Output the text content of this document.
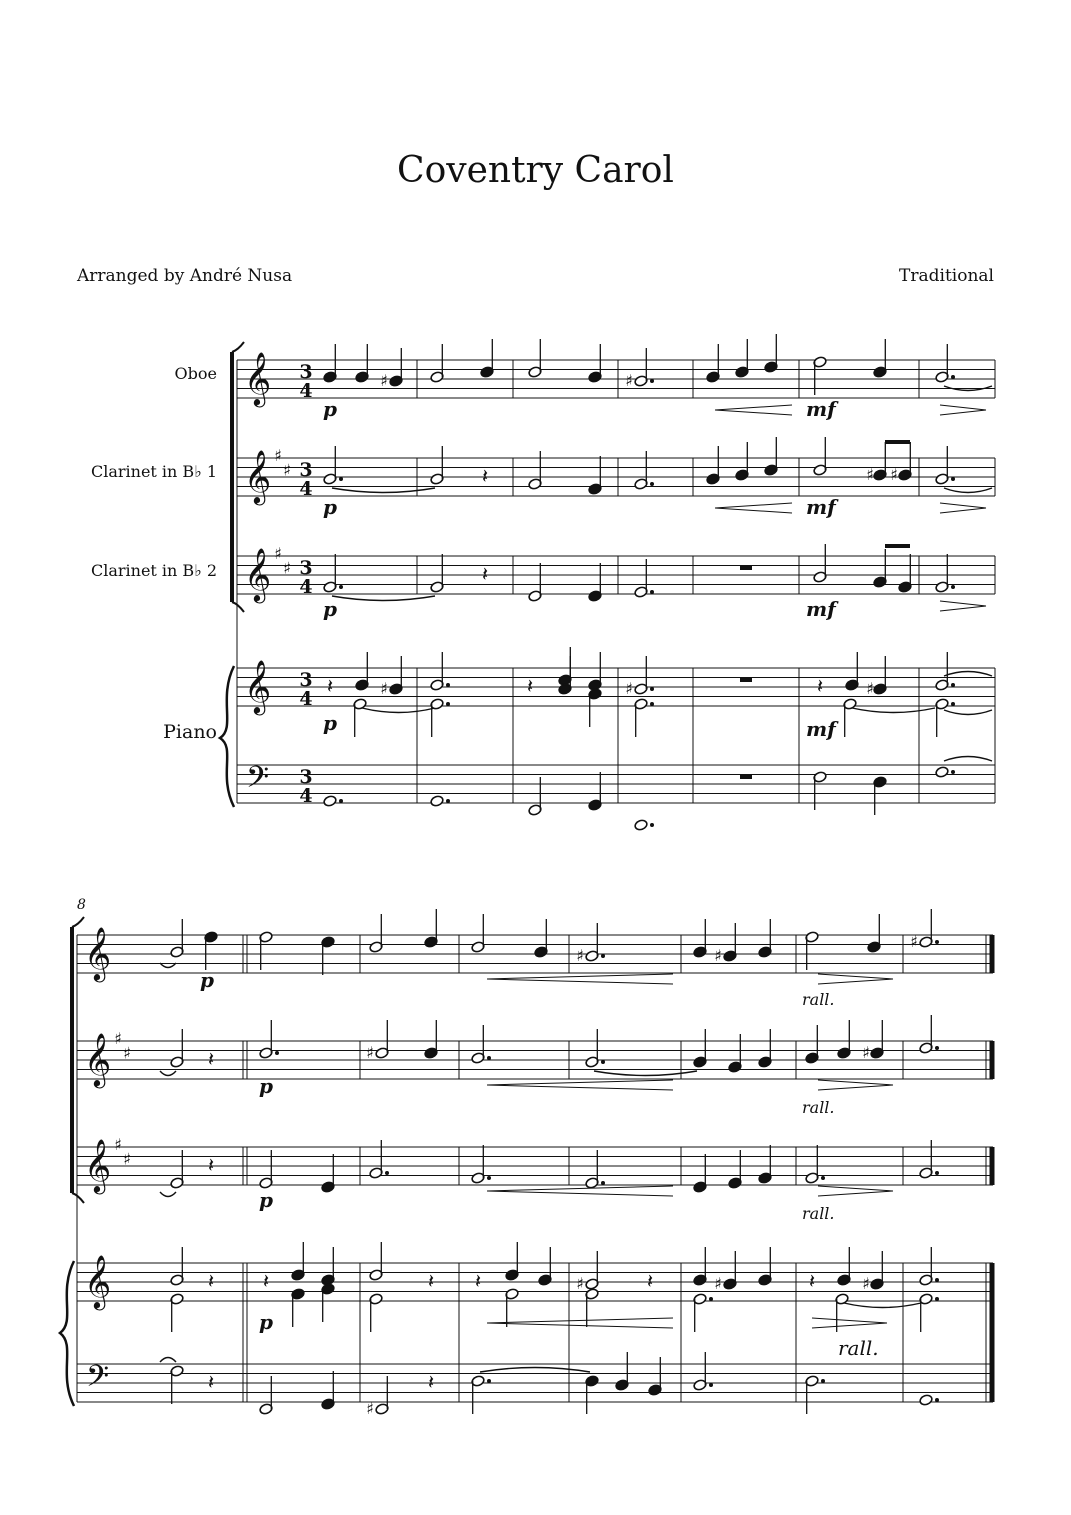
Coventry Carol
Arranged by André Nusa	Traditional
Oboe
Clarinet in B♭ 1
Clarinet in B♭ 2
Piano
𝄞
𝄞
𝄞
𝄞
𝄢
♯
♯
♯
♯
3
4
3
4
3
4
3
4
3
4
♯	♯
p	mf
𝄽	♯ ♯
p	mf
𝄽
p	mf
𝄽	♯	𝄽	♯	𝄽	♯
p	mf
8
𝄞
𝄞
𝄞
𝄞
𝄢
♯
♯
♯
♯
♯	♯
♯
p
rall.
𝄽	♯	♯
p
rall.
𝄽
p
rall.
𝄽 𝄽	𝄽 𝄽	♯	𝄽	♯	𝄽	♯
p
rall.
𝄽
♯
𝄽
